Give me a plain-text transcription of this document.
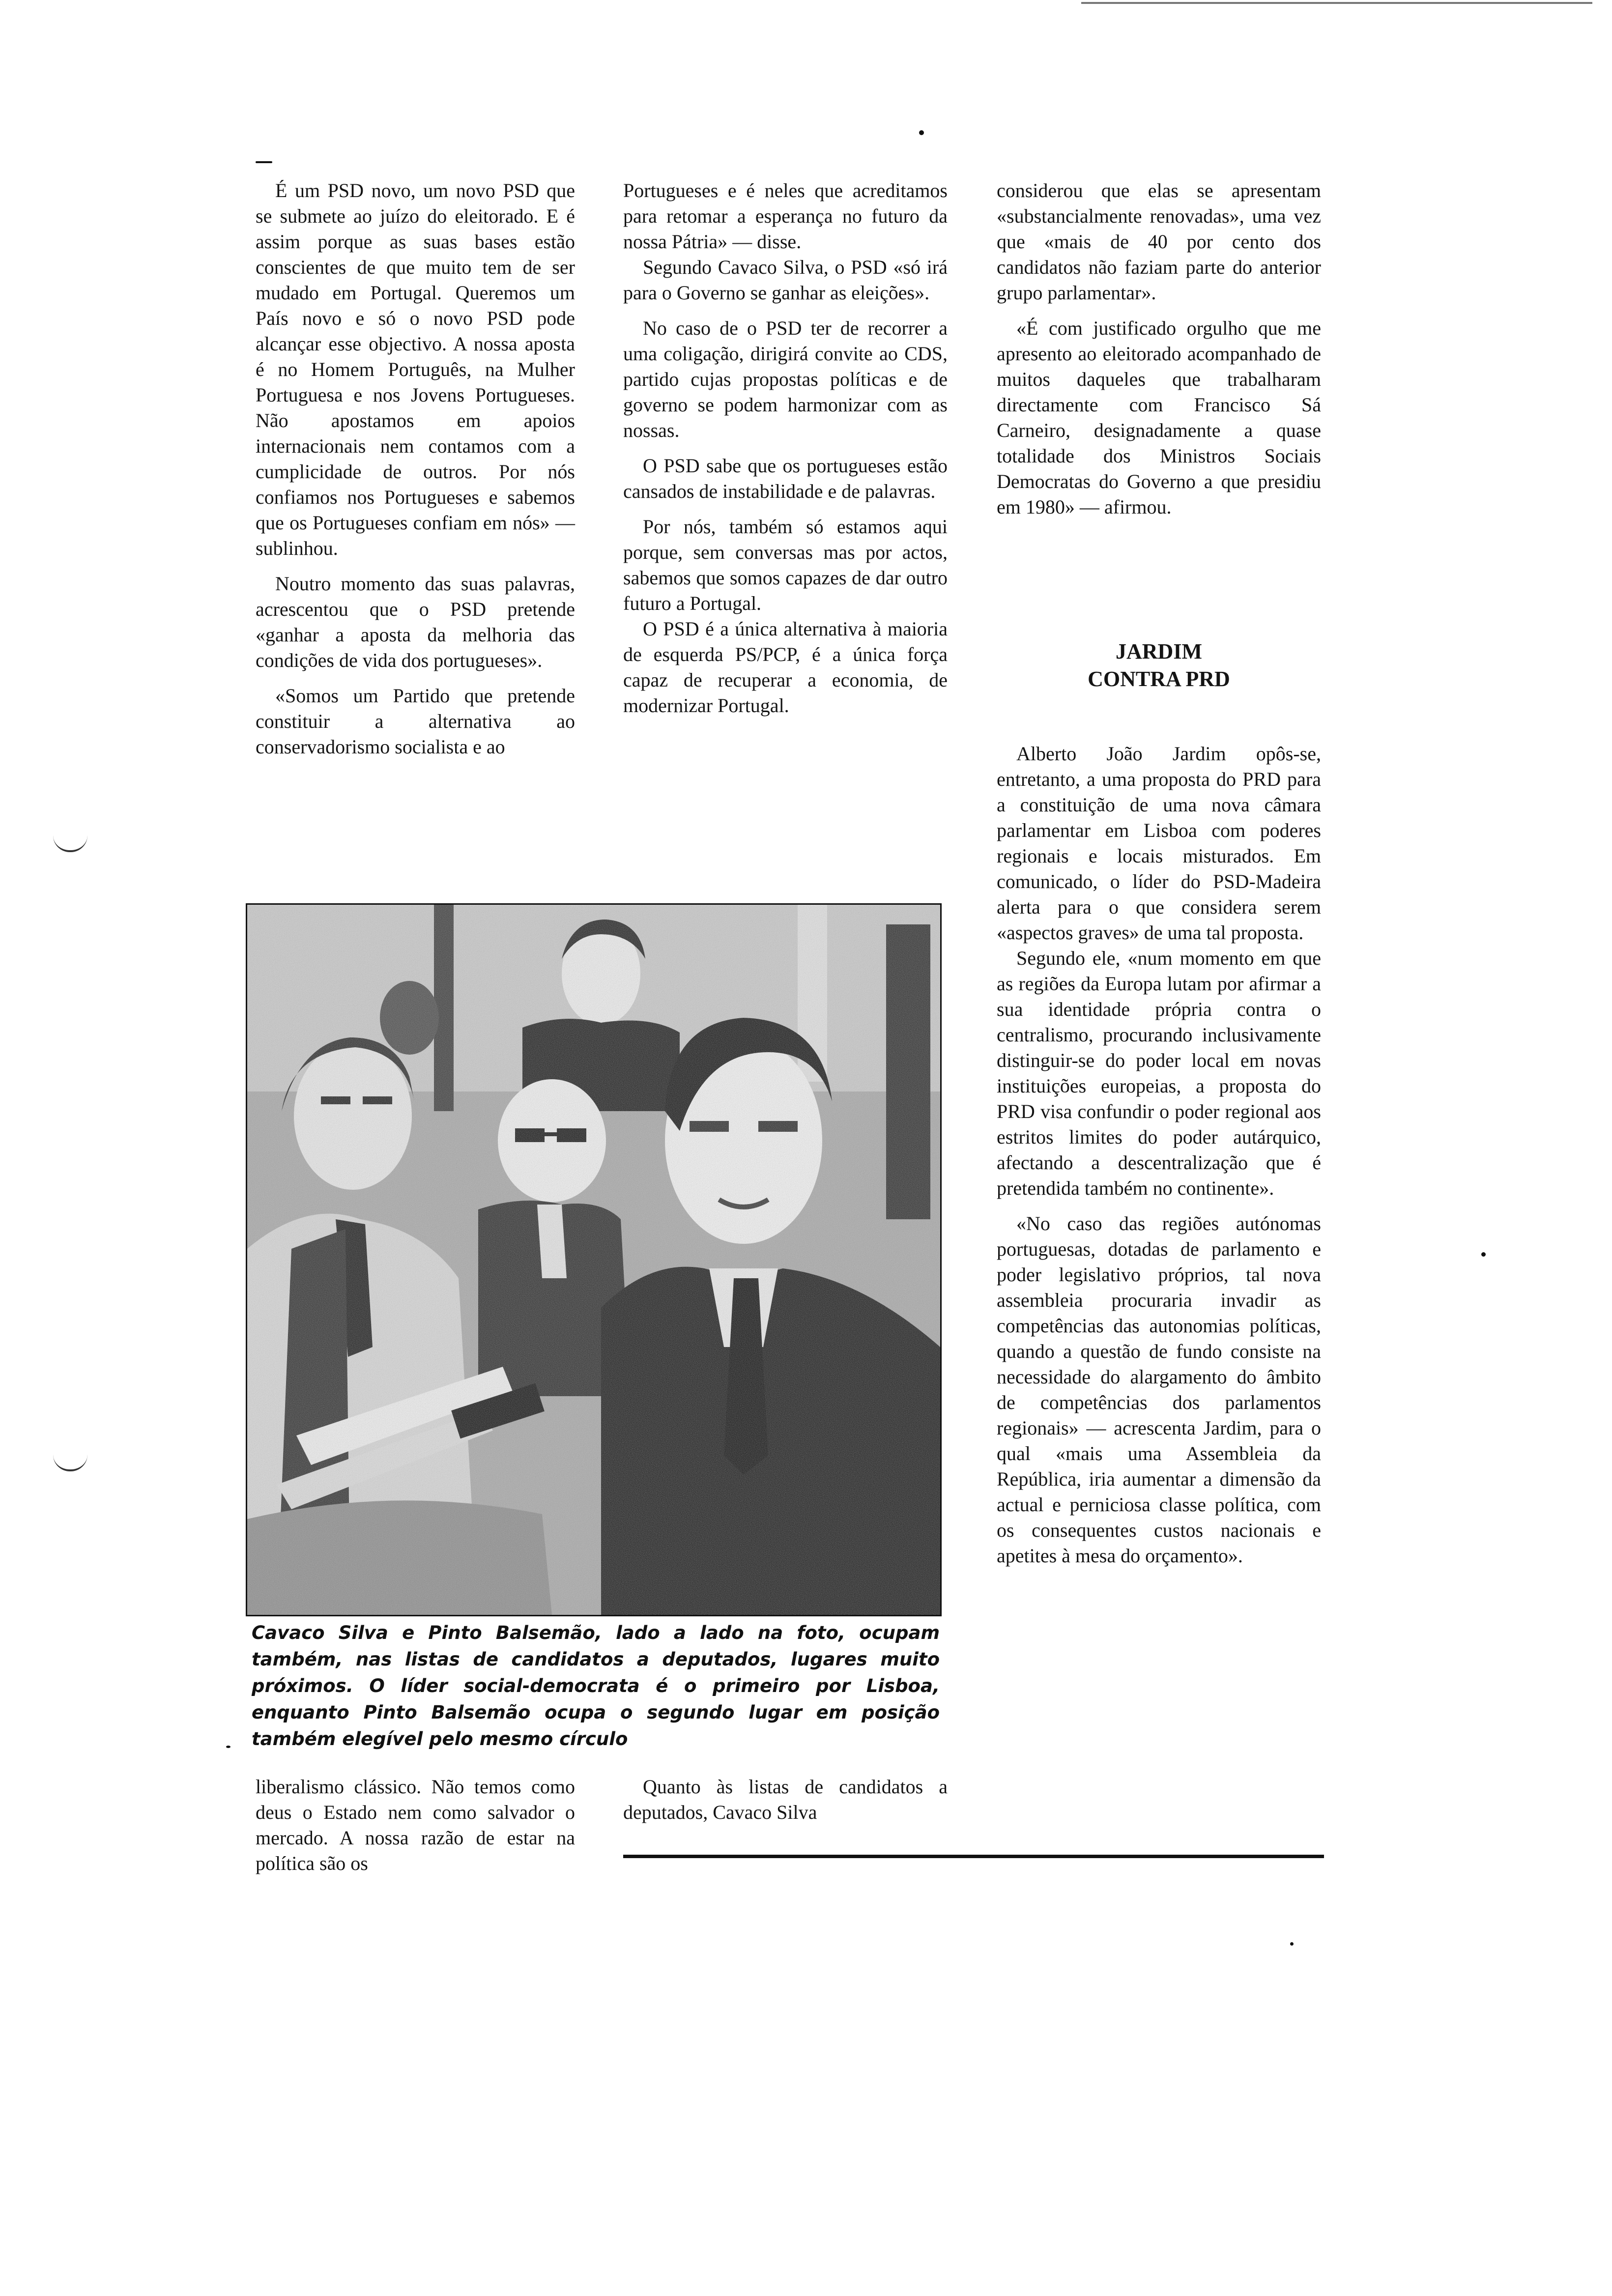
É um PSD novo, um novo PSD que se submete ao juízo do eleitorado. E é assim porque as suas bases estão conscientes de que muito tem de ser mudado em Portugal. Queremos um País novo e só o novo PSD pode alcançar esse objectivo. A nossa aposta é no Homem Português, na Mulher Portuguesa e nos Jovens Portugueses. Não apostamos em apoios internacionais nem contamos com a cumplicidade de outros. Por nós confiamos nos Portugueses e sabemos que os Portugueses confiam em nós» — sublinhou.

Noutro momento das suas palavras, acrescentou que o PSD pretende «ganhar a aposta da melhoria das condições de vida dos portugueses».

«Somos um Partido que pretende constituir a alternativa ao conservadorismo socialista e ao

Portugueses e é neles que acreditamos para retomar a esperança no futuro da nossa Pátria» — disse.

Segundo Cavaco Silva, o PSD «só irá para o Governo se ganhar as eleições».

No caso de o PSD ter de recorrer a uma coligação, dirigirá convite ao CDS, partido cujas propostas políticas e de governo se podem harmonizar com as nossas.

O PSD sabe que os portugueses estão cansados de instabilidade e de palavras.

Por nós, também só estamos aqui porque, sem conversas mas por actos, sabemos que somos capazes de dar outro futuro a Portugal.

O PSD é a única alternativa à maioria de esquerda PS/PCP, é a única força capaz de recuperar a economia, de modernizar Portugal.

considerou que elas se apresentam «substancialmente renovadas», uma vez que «mais de 40 por cento dos candidatos não faziam parte do anterior grupo parlamentar».

«É com justificado orgulho que me apresento ao eleitorado acompanhado de muitos daqueles que trabalharam directamente com Francisco Sá Carneiro, designadamente a quase totalidade dos Ministros Sociais Democratas do Governo a que presidiu em 1980» — afirmou.

JARDIM
CONTRA PRD

Alberto João Jardim opôs-se, entretanto, a uma proposta do PRD para a constituição de uma nova câmara parlamentar em Lisboa com poderes regionais e locais misturados. Em comunicado, o líder do PSD-Madeira alerta para o que considera serem «aspectos graves» de uma tal proposta.

Segundo ele, «num momento em que as regiões da Europa lutam por afirmar a sua identidade própria contra o centralismo, procurando inclusivamente distinguir-se do poder local em novas instituições europeias, a proposta do PRD visa confundir o poder regional aos estritos limites do poder autárquico, afectando a descentralização que é pretendida também no continente».

«No caso das regiões autónomas portuguesas, dotadas de parlamento e poder legislativo próprios, tal nova assembleia procuraria invadir as competências das autonomias políticas, quando a questão de fundo consiste na necessidade do alargamento do âmbito de competências dos parlamentos regionais» — acrescenta Jardim, para o qual «mais uma Assembleia da República, iria aumentar a dimensão da actual e perniciosa classe política, com os consequentes custos nacionais e apetites à mesa do orçamento».

Cavaco Silva e Pinto Balsemão, lado a lado na foto, ocupam também, nas listas de candidatos a deputados, lugares muito próximos. O líder social-democrata é o primeiro por Lisboa, enquanto Pinto Balsemão ocupa o segundo lugar em posição também elegível pelo mesmo círculo

liberalismo clássico. Não temos como deus o Estado nem como salvador o mercado. A nossa razão de estar na política são os

Quanto às listas de candidatos a deputados, Cavaco Silva
